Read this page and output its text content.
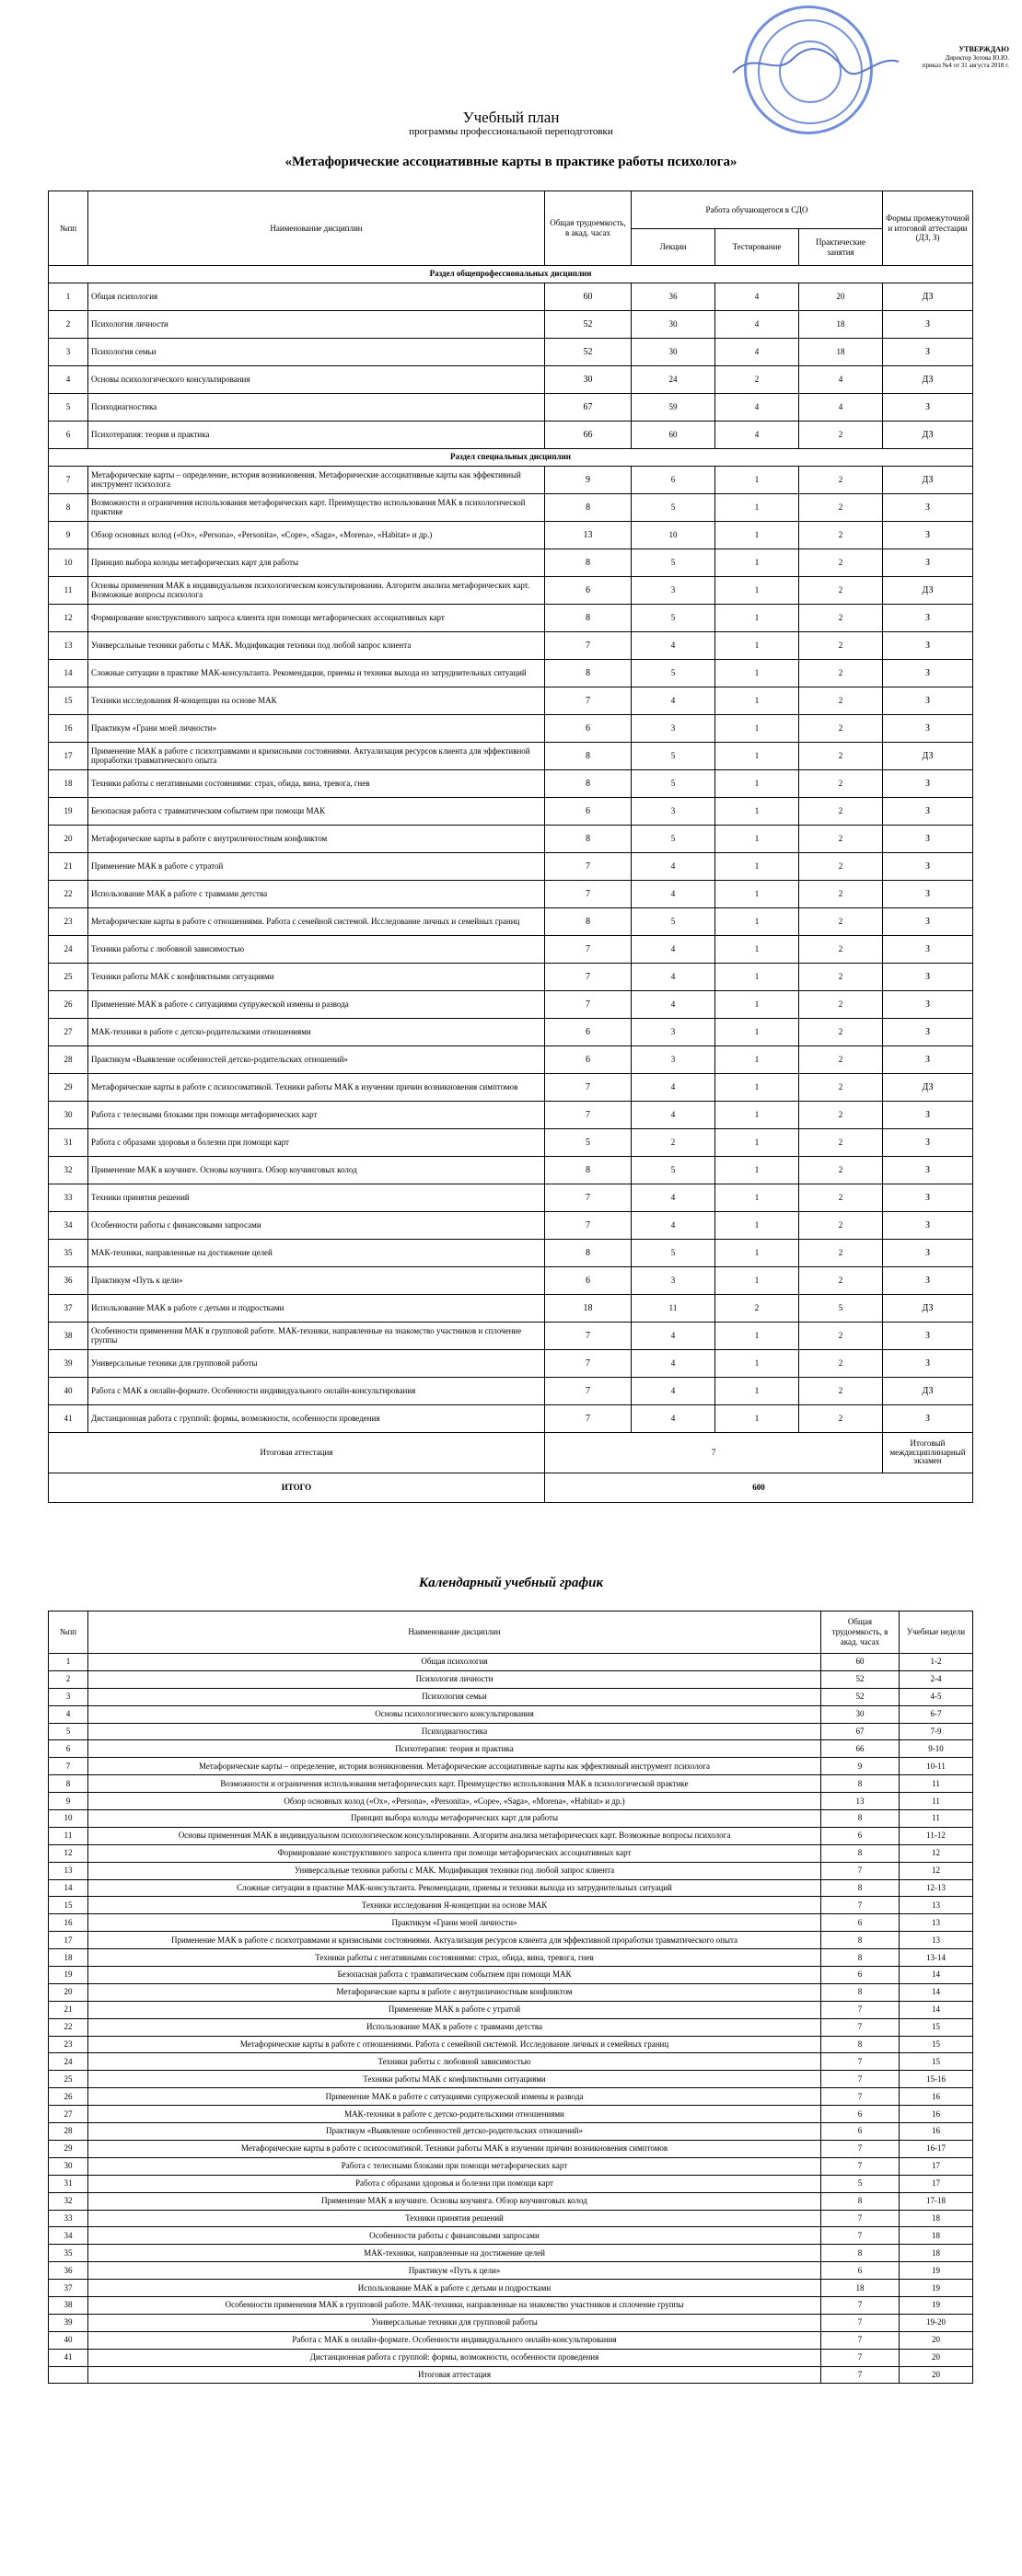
УТВЕРЖДАЮ
Директор Зотова Ю.Ю.
приказ №4 от 31 августа 2018 г.
Учебный план
программы профессиональной переподготовки
«Метафорические ассоциативные карты в практике работы психолога»
№пп	Наименование дисциплин	Общая трудоемкость, в акад. часах	Работа обучающегося в СДО			Формы промежуточной и итоговой аттестации (ДЗ, З)
			Лекции	Тестирование	Практические занятия	
Раздел общепрофессиональных дисциплин						
1	Общая психология	60	36	4	20	ДЗ
2	Психология личности	52	30	4	18	З
3	Психология семьи	52	30	4	18	З
4	Основы психологического консультирования	30	24	2	4	ДЗ
5	Психодиагностика	67	59	4	4	З
6	Психотерапия: теория и практика	66	60	4	2	ДЗ
Раздел специальных дисциплин						
7	Метафорические карты – определение, история возникновения. Метафорические ассоциативные карты как эффективный инструмент психолога	9	6	1	2	ДЗ
8	Возможности и ограничения использования метафорических карт. Преимущество использования МАК в психологической практике	8	5	1	2	З
9	Обзор основных колод («Ох», «Persona», «Personita», «Cope», «Saga», «Morena», «Habitat» и др.)	13	10	1	2	З
10	Принцип выбора колоды метафорических карт для работы	8	5	1	2	З
11	Основы применения МАК в индивидуальном психологическом консультировании. Алгоритм анализа метафорических карт. Возможные вопросы психолога	6	3	1	2	ДЗ
12	Формирование конструктивного запроса клиента при помощи метафорических ассоциативных карт	8	5	1	2	З
13	Универсальные техники работы с МАК. Модификация техники под любой запрос клиента	7	4	1	2	З
14	Сложные ситуации в практике МАК-консультанта. Рекомендации, приемы и техники выхода из затруднительных ситуаций	8	5	1	2	З
15	Техники исследования Я-концепции на основе МАК	7	4	1	2	З
16	Практикум «Грани моей личности»	6	3	1	2	З
17	Применение МАК в работе с психотравмами и кризисными состояниями. Актуализация ресурсов клиента для эффективной проработки травматического опыта	8	5	1	2	ДЗ
18	Техники работы с негативными состояниями: страх, обида, вина, тревога, гнев	8	5	1	2	З
19	Безопасная работа с травматическим событием при помощи МАК	6	3	1	2	З
20	Метафорические карты в работе с внутриличностным конфликтом	8	5	1	2	З
21	Применение МАК в работе с утратой	7	4	1	2	З
22	Использование МАК в работе с травмами детства	7	4	1	2	З
23	Метафорические карты в работе с отношениями. Работа с семейной системой. Исследование личных и семейных границ	8	5	1	2	З
24	Техники работы с любовной зависимостью	7	4	1	2	З
25	Техники работы МАК с конфликтными ситуациями	7	4	1	2	З
26	Применение МАК в работе с ситуациями супружеской измены и развода	7	4	1	2	З
27	МАК-техники в работе с детско-родительскими отношениями	6	3	1	2	З
28	Практикум «Выявление особенностей детско-родительских отношений»	6	3	1	2	З
29	Метафорические карты в работе с психосоматикой. Техники работы МАК в изучении причин возникновения симптомов	7	4	1	2	ДЗ
30	Работа с телесными блоками при помощи метафорических карт	7	4	1	2	З
31	Работа с образами здоровья и болезни при помощи карт	5	2	1	2	З
32	Применение МАК в коучинге. Основы коучинга. Обзор коучинговых колод	8	5	1	2	З
33	Техники принятия решений	7	4	1	2	З
34	Особенности работы с финансовыми запросами	7	4	1	2	З
35	МАК-техники, направленные на достижение целей	8	5	1	2	З
36	Практикум «Путь к цели»	6	3	1	2	З
37	Использование МАК в работе с детьми и подростками	18	11	2	5	ДЗ
38	Особенности применения МАК в групповой работе. МАК-техники, направленные на знакомство участников и сплочение группы	7	4	1	2	З
39	Универсальные техники для групповой работы	7	4	1	2	З
40	Работа с МАК в онлайн-формате. Особенности индивидуального онлайн-консультирования	7	4	1	2	ДЗ
41	Дистанционная работа с группой: формы, возможности, особенности проведения	7	4	1	2	З
Итоговая аттестация		7				Итоговый междисциплинарный экзамен
ИТОГО		600				
Календарный учебный график
№пп	Наименование дисциплин	Общая трудоемкость, в акад. часах	Учебные недели
1	Общая психология	60	1-2
2	Психология личности	52	2-4
3	Психология семьи	52	4-5
4	Основы психологического консультирования	30	6-7
5	Психодиагностика	67	7-9
6	Психотерапия: теория и практика	66	9-10
7	Метафорические карты – определение, история возникновения. Метафорические ассоциативные карты как эффективный инструмент психолога	9	10-11
8	Возможности и ограничения использования метафорических карт. Преимущество использования МАК в психологической практике	8	11
9	Обзор основных колод («Ох», «Persona», «Personita», «Cope», «Saga», «Morena», «Habitat» и др.)	13	11
10	Принцип выбора колоды метафорических карт для работы	8	11
11	Основы применения МАК в индивидуальном психологическом консультировании. Алгоритм анализа метафорических карт. Возможные вопросы психолога	6	11-12
12	Формирование конструктивного запроса клиента при помощи метафорических ассоциативных карт	8	12
13	Универсальные техники работы с МАК. Модификация техники под любой запрос клиента	7	12
14	Сложные ситуации в практике МАК-консультанта. Рекомендации, приемы и техники выхода из затруднительных ситуаций	8	12-13
15	Техники исследования Я-концепции на основе МАК	7	13
16	Практикум «Грани моей личности»	6	13
17	Применение МАК в работе с психотравмами и кризисными состояниями. Актуализация ресурсов клиента для эффективной проработки травматического опыта	8	13
18	Техники работы с негативными состояниями: страх, обида, вина, тревога, гнев	8	13-14
19	Безопасная работа с травматическим событием при помощи МАК	6	14
20	Метафорические карты в работе с внутриличностным конфликтом	8	14
21	Применение МАК в работе с утратой	7	14
22	Использование МАК в работе с травмами детства	7	15
23	Метафорические карты в работе с отношениями. Работа с семейной системой. Исследование личных и семейных границ	8	15
24	Техники работы с любовной зависимостью	7	15
25	Техники работы МАК с конфликтными ситуациями	7	15-16
26	Применение МАК в работе с ситуациями супружеской измены и развода	7	16
27	МАК-техники в работе с детско-родительскими отношениями	6	16
28	Практикум «Выявление особенностей детско-родительских отношений»	6	16
29	Метафорические карты в работе с психосоматикой. Техники работы МАК в изучении причин возникновения симптомов	7	16-17
30	Работа с телесными блоками при помощи метафорических карт	7	17
31	Работа с образами здоровья и болезни при помощи карт	5	17
32	Применение МАК в коучинге. Основы коучинга. Обзор коучинговых колод	8	17-18
33	Техники принятия решений	7	18
34	Особенности работы с финансовыми запросами	7	18
35	МАК-техники, направленные на достижение целей	8	18
36	Практикум «Путь к цели»	6	19
37	Использование МАК в работе с детьми и подростками	18	19
38	Особенности применения МАК в групповой работе. МАК-техники, направленные на знакомство участников и сплочение группы	7	19
39	Универсальные техники для групповой работы	7	19-20
40	Работа с МАК в онлайн-формате. Особенности индивидуального онлайн-консультирования	7	20
41	Дистанционная работа с группой: формы, возможности, особенности проведения	7	20
	Итоговая аттестация	7	20
